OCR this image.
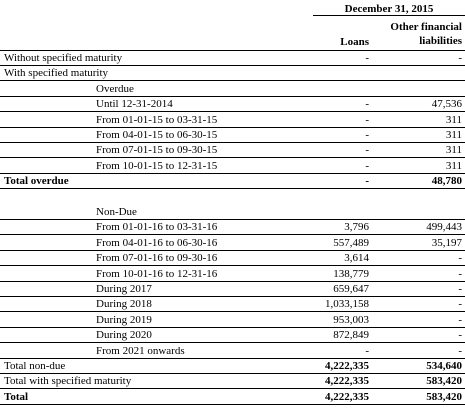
December 31, 2015
Other financial
liabilities
Loans
Without specified maturity	-	-
With specified maturity
Overdue
Until 12-31-2014	-	47,536
From 01-01-15 to 03-31-15	-	311
From 04-01-15 to 06-30-15	-	311
From 07-01-15 to 09-30-15	-	311
From 10-01-15 to 12-31-15	-	311
Total overdue	-	48,780
Non-Due
From 01-01-16 to 03-31-16	3,796	499,443
From 04-01-16 to 06-30-16	557,489	35,197
From 07-01-16 to 09-30-16	3,614	-
From 10-01-16 to 12-31-16	138,779	-
During 2017	659,647	-
During 2018	1,033,158	-
During 2019	953,003	-
During 2020	872,849	-
From 2021 onwards	-	-
Total non-due	4,222,335	534,640
Total with specified maturity	4,222,335	583,420
Total	4,222,335	583,420
